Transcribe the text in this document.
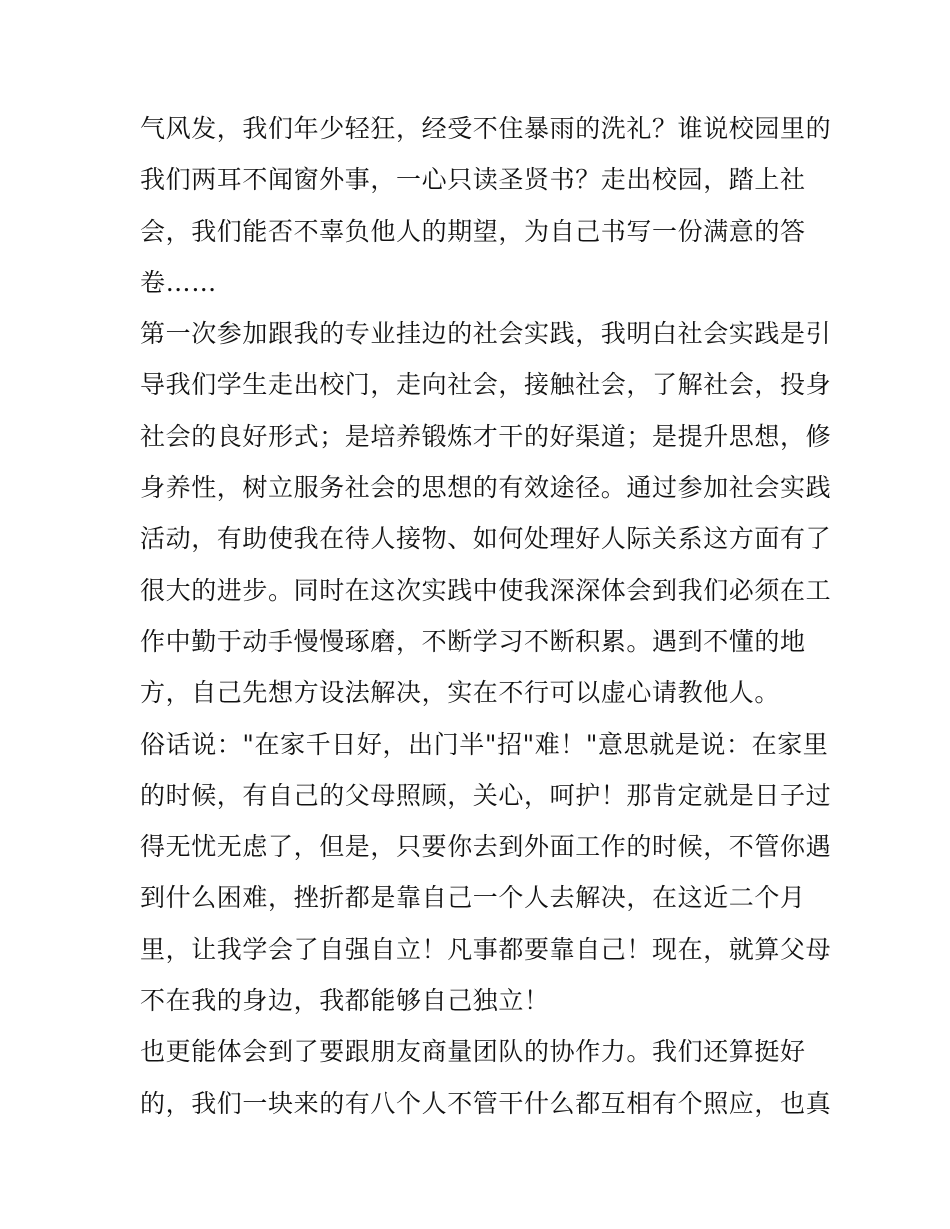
气风发，我们年少轻狂，经受不住暴雨的洗礼？谁说校园里的
我们两耳不闻窗外事，一心只读圣贤书？走出校园，踏上社
会，我们能否不辜负他人的期望，为自己书写一份满意的答
卷……
第一次参加跟我的专业挂边的社会实践，我明白社会实践是引
导我们学生走出校门，走向社会，接触社会，了解社会，投身
社会的良好形式；是培养锻炼才干的好渠道；是提升思想，修
身养性，树立服务社会的思想的有效途径。通过参加社会实践
活动，有助使我在待人接物、如何处理好人际关系这方面有了
很大的进步。同时在这次实践中使我深深体会到我们必须在工
作中勤于动手慢慢琢磨，不断学习不断积累。遇到不懂的地
方，自己先想方设法解决，实在不行可以虚心请教他人。
俗话说："在家千日好，出门半"招"难！"意思就是说：在家里
的时候，有自己的父母照顾，关心，呵护！那肯定就是日子过
得无忧无虑了，但是，只要你去到外面工作的时候，不管你遇
到什么困难，挫折都是靠自己一个人去解决，在这近二个月
里，让我学会了自强自立！凡事都要靠自己！现在，就算父母
不在我的身边，我都能够自己独立！
也更能体会到了要跟朋友商量团队的协作力。我们还算挺好
的，我们一块来的有八个人不管干什么都互相有个照应，也真
